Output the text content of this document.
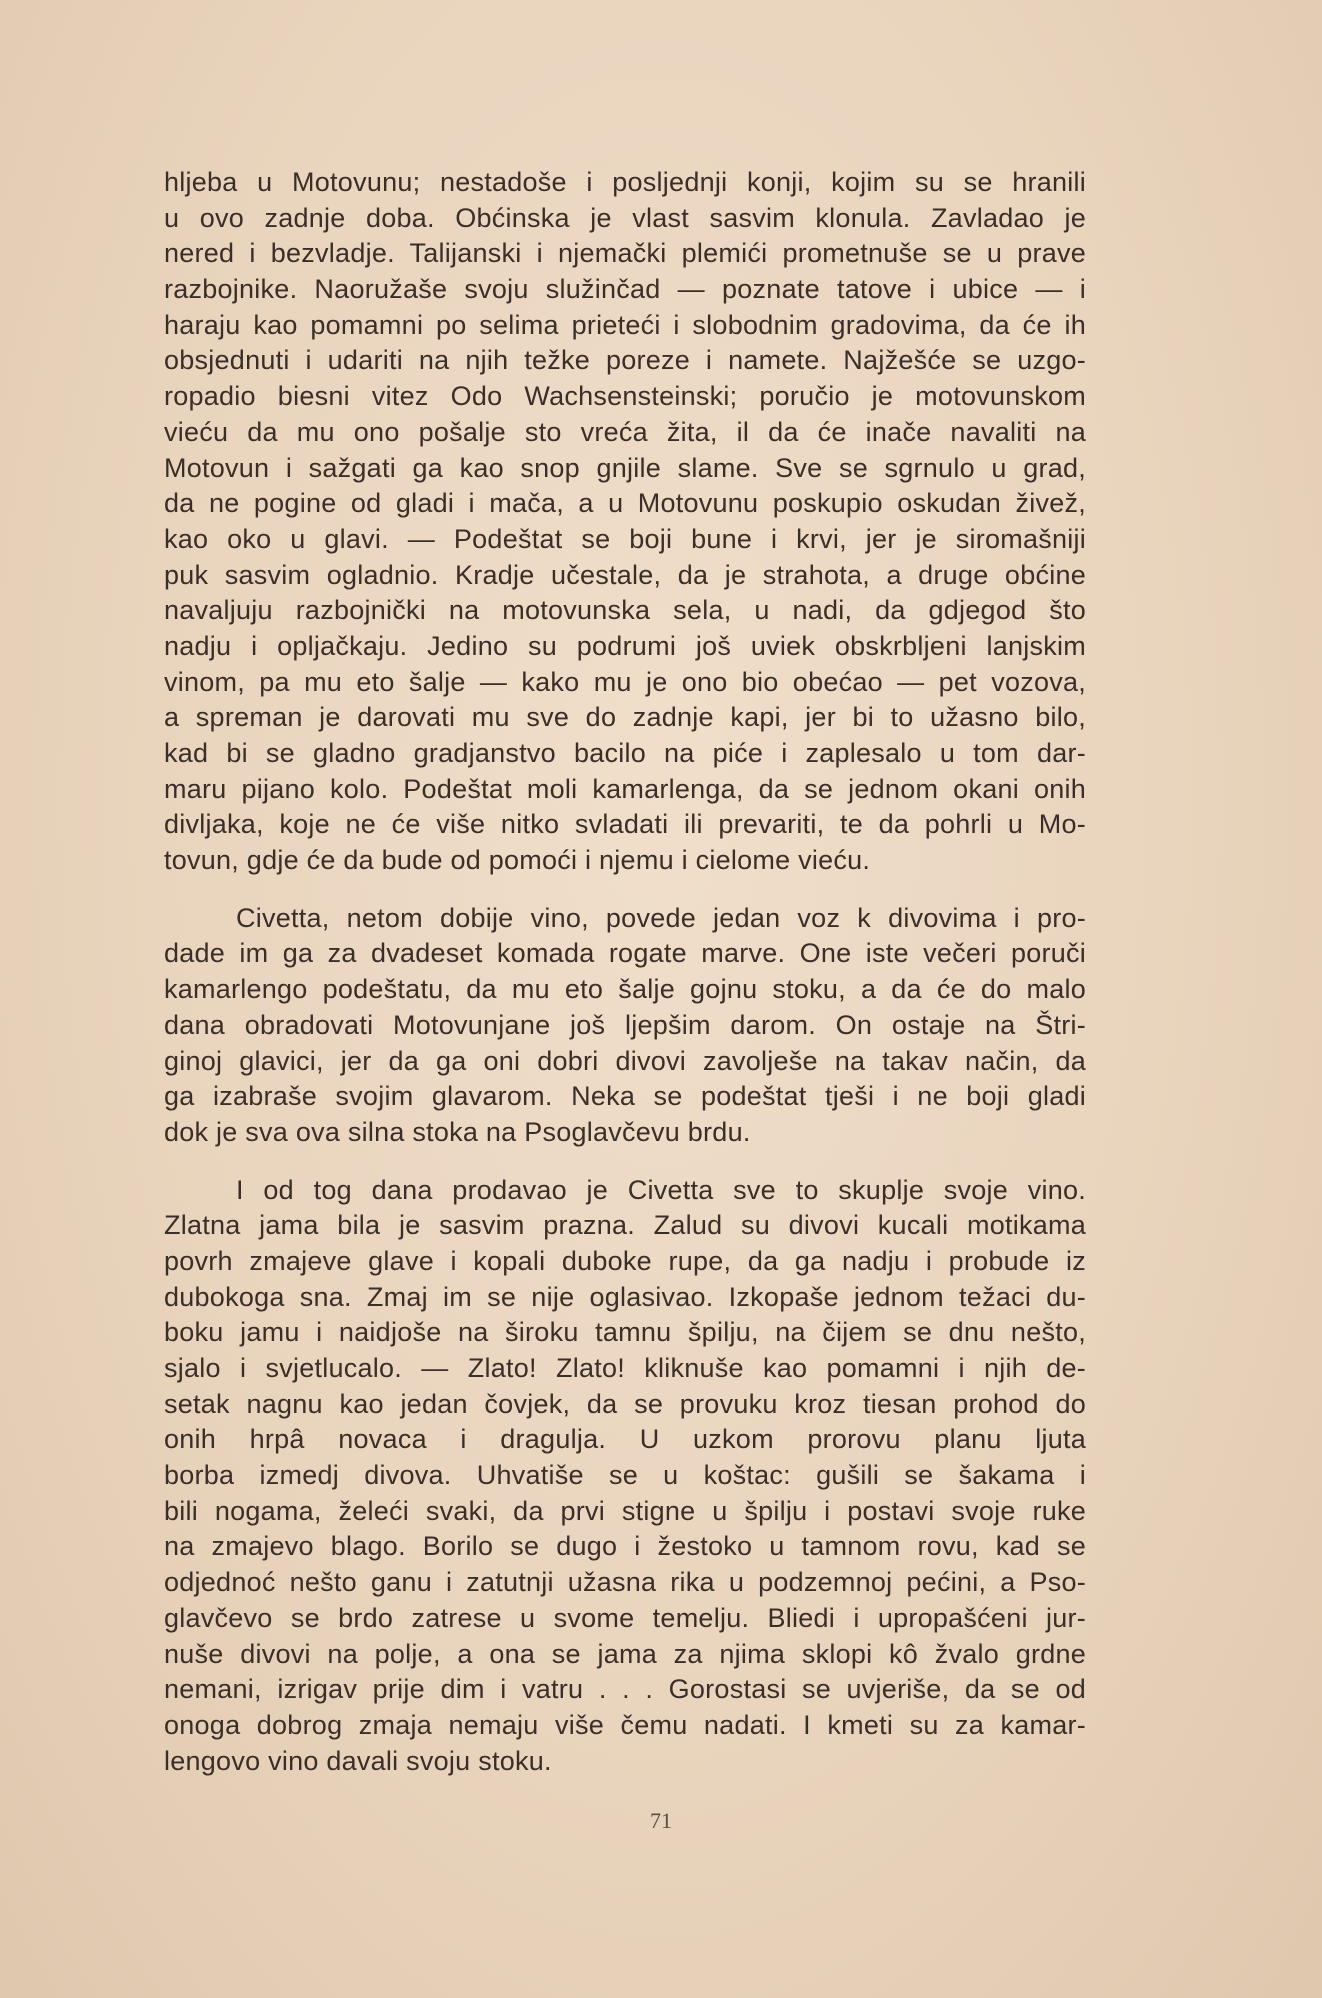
hljeba u Motovunu; nestadoše i posljednji konji, kojim su se hranili
u ovo zadnje doba. Obćinska je vlast sasvim klonula. Zavladao je
nered i bezvladje. Talijanski i njemački plemići prometnuše se u prave
razbojnike. Naoružaše svoju služinčad — poznate tatove i ubice — i
haraju kao pomamni po selima prieteći i slobodnim gradovima, da će ih
obsjednuti i udariti na njih težke poreze i namete. Najžešće se uzgo-
ropadio biesni vitez Odo Wachsensteinski; poručio je motovunskom
vieću da mu ono pošalje sto vreća žita, il da će inače navaliti na
Motovun i sažgati ga kao snop gnjile slame. Sve se sgrnulo u grad,
da ne pogine od gladi i mača, a u Motovunu poskupio oskudan živež,
kao oko u glavi. — Podeštat se boji bune i krvi, jer je siromašniji
puk sasvim ogladnio. Kradje učestale, da je strahota, a druge obćine
navaljuju razbojnički na motovunska sela, u nadi, da gdjegod što
nadju i opljačkaju. Jedino su podrumi još uviek obskrbljeni lanjskim
vinom, pa mu eto šalje — kako mu je ono bio obećao — pet vozova,
a spreman je darovati mu sve do zadnje kapi, jer bi to užasno bilo,
kad bi se gladno gradjanstvo bacilo na piće i zaplesalo u tom dar-
maru pijano kolo. Podeštat moli kamarlenga, da se jednom okani onih
divljaka, koje ne će više nitko svladati ili prevariti, te da pohrli u Mo-
tovun, gdje će da bude od pomoći i njemu i cielome vieću.
Civetta, netom dobije vino, povede jedan voz k divovima i pro-
dade im ga za dvadeset komada rogate marve. One iste večeri poruči
kamarlengo podeštatu, da mu eto šalje gojnu stoku, a da će do malo
dana obradovati Motovunjane još ljepšim darom. On ostaje na Štri-
ginoj glavici, jer da ga oni dobri divovi zavolješe na takav način, da
ga izabraše svojim glavarom. Neka se podeštat tješi i ne boji gladi
dok je sva ova silna stoka na Psoglavčevu brdu.
I od tog dana prodavao je Civetta sve to skuplje svoje vino.
Zlatna jama bila je sasvim prazna. Zalud su divovi kucali motikama
povrh zmajeve glave i kopali duboke rupe, da ga nadju i probude iz
dubokoga sna. Zmaj im se nije oglasivao. Izkopaše jednom težaci du-
boku jamu i naidjoše na široku tamnu špilju, na čijem se dnu nešto,
sjalo i svjetlucalo. — Zlato! Zlato! kliknuše kao pomamni i njih de-
setak nagnu kao jedan čovjek, da se provuku kroz tiesan prohod do
onih hrpâ novaca i dragulja. U uzkom prorovu planu ljuta
borba izmedj divova. Uhvatiše se u koštac: gušili se šakama i
bili nogama, želeći svaki, da prvi stigne u špilju i postavi svoje ruke
na zmajevo blago. Borilo se dugo i žestoko u tamnom rovu, kad se
odjednoć nešto ganu i zatutnji užasna rika u podzemnoj pećini, a Pso-
glavčevo se brdo zatrese u svome temelju. Bliedi i upropašćeni jur-
nuše divovi na polje, a ona se jama za njima sklopi kô žvalo grdne
nemani, izrigav prije dim i vatru . . . Gorostasi se uvjeriše, da se od
onoga dobrog zmaja nemaju više čemu nadati. I kmeti su za kamar-
lengovo vino davali svoju stoku.
71
